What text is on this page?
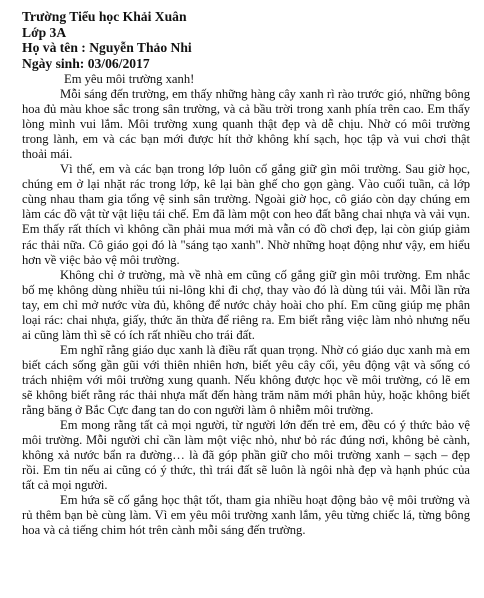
Trường Tiểu học Khải Xuân
Lớp 3A
Họ và tên : Nguyễn Thảo Nhi
Ngày sinh: 03/06/2017

Em yêu môi trường xanh!

Mỗi sáng đến trường, em thấy những hàng cây xanh rì rào trước gió, những bông hoa đủ màu khoe sắc trong sân trường, và cả bầu trời trong xanh phía trên cao. Em thấy lòng mình vui lắm. Môi trường xung quanh thật đẹp và dễ chịu. Nhờ có môi trường trong lành, em và các bạn mới được hít thở không khí sạch, học tập và vui chơi thật thoải mái.

Vì thế, em và các bạn trong lớp luôn cố gắng giữ gìn môi trường. Sau giờ học, chúng em ở lại nhặt rác trong lớp, kê lại bàn ghế cho gọn gàng. Vào cuối tuần, cả lớp cùng nhau tham gia tổng vệ sinh sân trường. Ngoài giờ học, cô giáo còn dạy chúng em làm các đồ vật từ vật liệu tái chế. Em đã làm một con heo đất bằng chai nhựa và vải vụn. Em thấy rất thích vì không cần phải mua mới mà vẫn có đồ chơi đẹp, lại còn giúp giảm rác thải nữa. Cô giáo gọi đó là "sáng tạo xanh". Nhờ những hoạt động như vậy, em hiểu hơn về việc bảo vệ môi trường.

Không chỉ ở trường, mà về nhà em cũng cố gắng giữ gìn môi trường. Em nhắc bố mẹ không dùng nhiều túi ni-lông khi đi chợ, thay vào đó là dùng túi vải. Mỗi lần rửa tay, em chỉ mở nước vừa đủ, không để nước chảy hoài cho phí. Em cũng giúp mẹ phân loại rác: chai nhựa, giấy, thức ăn thừa để riêng ra. Em biết rằng việc làm nhỏ nhưng nếu ai cũng làm thì sẽ có ích rất nhiều cho trái đất.

Em nghĩ rằng giáo dục xanh là điều rất quan trọng. Nhờ có giáo dục xanh mà em biết cách sống gần gũi với thiên nhiên hơn, biết yêu cây cối, yêu động vật và sống có trách nhiệm với môi trường xung quanh. Nếu không được học về môi trường, có lẽ em sẽ không biết rằng rác thải nhựa mất đến hàng trăm năm mới phân hủy, hoặc không biết rằng băng ở Bắc Cực đang tan do con người làm ô nhiễm môi trường.

Em mong rằng tất cả mọi người, từ người lớn đến trẻ em, đều có ý thức bảo vệ môi trường. Mỗi người chỉ cần làm một việc nhỏ, như bỏ rác đúng nơi, không bẻ cành, không xả nước bẩn ra đường… là đã góp phần giữ cho môi trường xanh – sạch – đẹp rồi. Em tin nếu ai cũng có ý thức, thì trái đất sẽ luôn là ngôi nhà đẹp và hạnh phúc của tất cả mọi người.

Em hứa sẽ cố gắng học thật tốt, tham gia nhiều hoạt động bảo vệ môi trường và rủ thêm bạn bè cùng làm. Vì em yêu môi trường xanh lắm, yêu từng chiếc lá, từng bông hoa và cả tiếng chim hót trên cành mỗi sáng đến trường.
